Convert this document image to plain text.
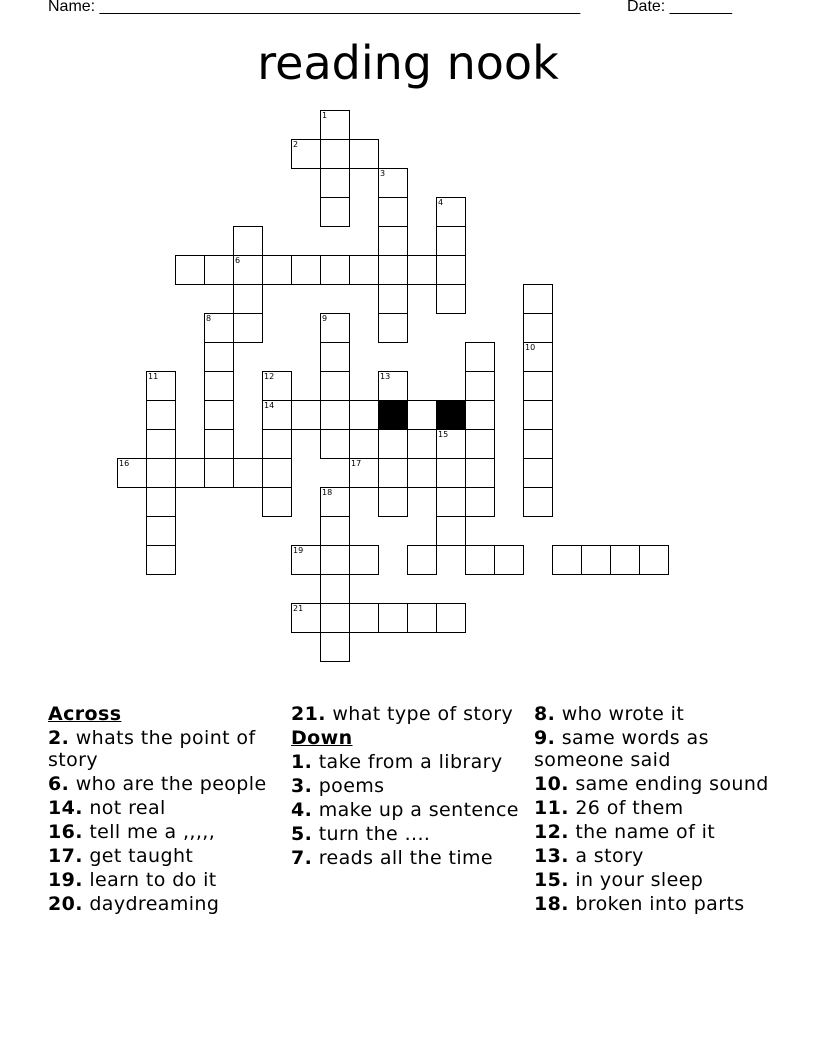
Name: ______________________________________________________	Date: _______
reading nook
1
2
3
4
6
10
8
11	12
14
9
13
16
15
17
18
19
21
Across
2. whats the point of story
6. who are the people
14. not real
16. tell me a ,,,,,
17. get taught
19. learn to do it
20. daydreaming
21. what type of story
Down
1. take from a library
3. poems
4. make up a sentence
5. turn the ....
7. reads all the time
8. who wrote it
9. same words as someone said
10. same ending sound
11. 26 of them
12. the name of it
13. a story
15. in your sleep
18. broken into parts
